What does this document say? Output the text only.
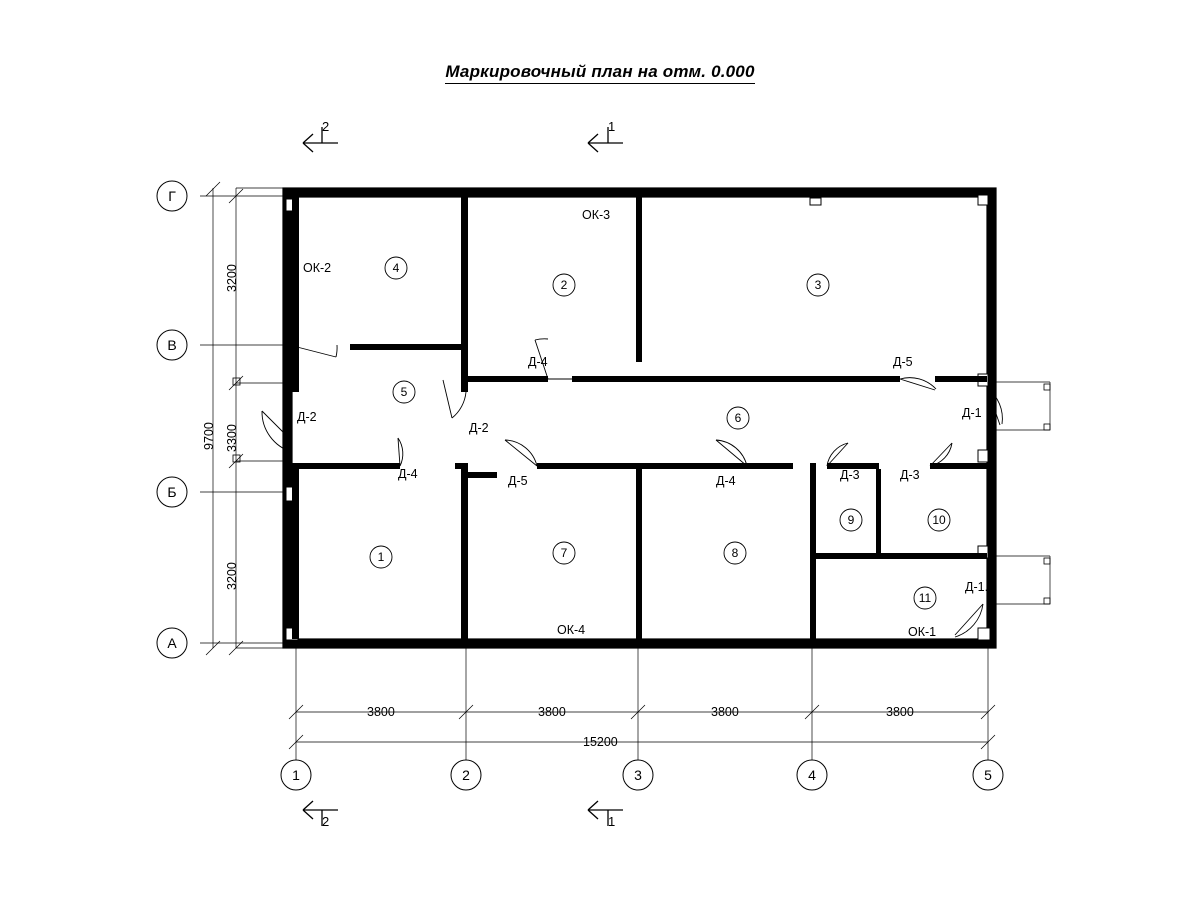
Маркировочный план на отм. 0.000
ОК-2
ОК-3
ОК-4	ОК-1
Д-4	Д-5
Д-1
Д-2
Д-2
Д-4	Д-5	Д-4	Д-3	Д-3
Д-1.1
1
2	3
4
5
6
7	8
9	10
11
Г
В
Б
А
1	2	3	4	5
3800	3800	3800	3800
15200
3200
3300
3200
9700
2	1
2	1
